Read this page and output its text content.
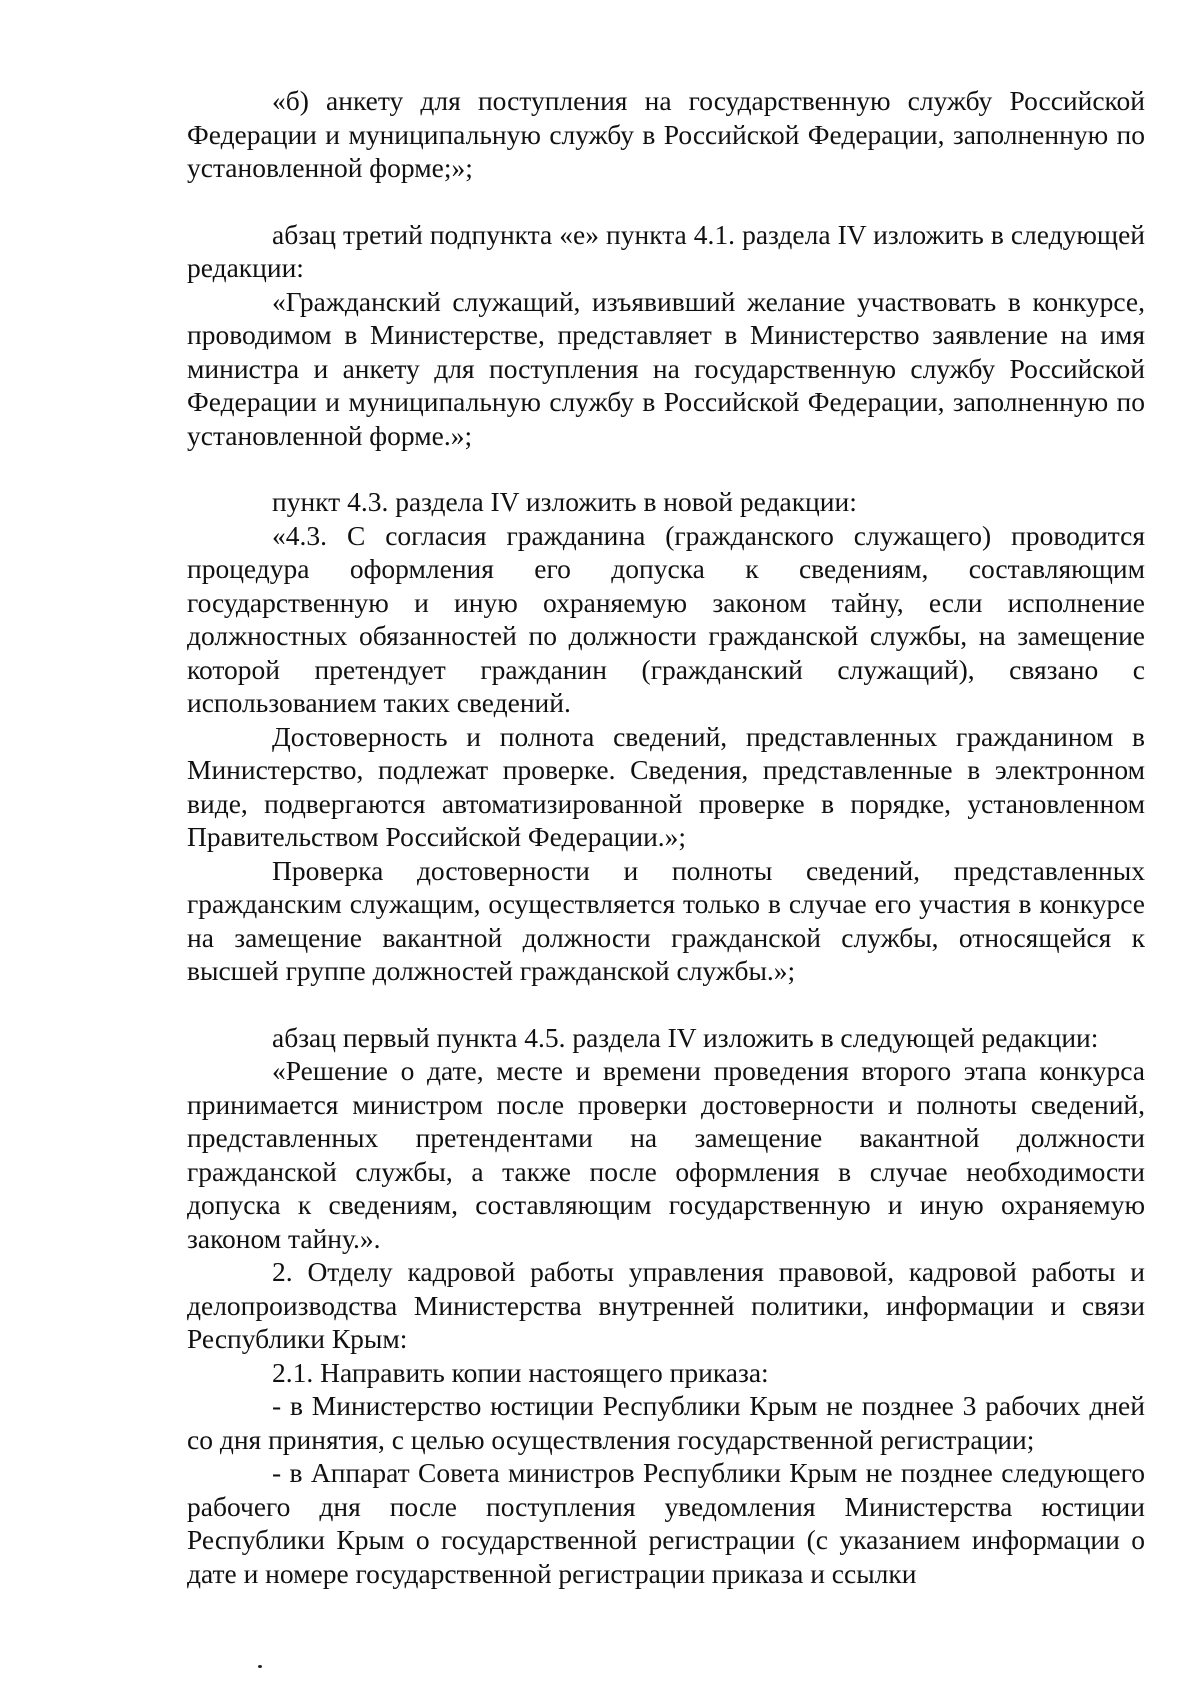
«б) анкету для поступления на государственную службу Российской Федерации и муниципальную службу в Российской Федерации, заполненную по установленной форме;»;

абзац третий подпункта «е» пункта 4.1. раздела IV изложить в следующей редакции:

«Гражданский служащий, изъявивший желание участвовать в конкурсе, проводимом в Министерстве, представляет в Министерство заявление на имя министра и анкету для поступления на государственную службу Российской Федерации и муниципальную службу в Российской Федерации, заполненную по установленной форме.»;

пункт 4.3. раздела IV изложить в новой редакции:

«4.3. С согласия гражданина (гражданского служащего) проводится процедура оформления его допуска к сведениям, составляющим государственную и иную охраняемую законом тайну, если исполнение должностных обязанностей по должности гражданской службы, на замещение которой претендует гражданин (гражданский служащий), связано с использованием таких сведений.

Достоверность и полнота сведений, представленных гражданином в Министерство, подлежат проверке. Сведения, представленные в электронном виде, подвергаются автоматизированной проверке в порядке, установленном Правительством Российской Федерации.»;

Проверка достоверности и полноты сведений, представленных гражданским служащим, осуществляется только в случае его участия в конкурсе на замещение вакантной должности гражданской службы, относящейся к высшей группе должностей гражданской службы.»;

абзац первый пункта 4.5. раздела IV изложить в следующей редакции:

«Решение о дате, месте и времени проведения второго этапа конкурса принимается министром после проверки достоверности и полноты сведений, представленных претендентами на замещение вакантной должности гражданской службы, а также после оформления в случае необходимости допуска к сведениям, составляющим государственную и иную охраняемую законом тайну.».

2. Отделу кадровой работы управления правовой, кадровой работы и делопроизводства Министерства внутренней политики, информации и связи Республики Крым:

2.1. Направить копии настоящего приказа:

- в Министерство юстиции Республики Крым не позднее 3 рабочих дней со дня принятия, с целью осуществления государственной регистрации;

- в Аппарат Совета министров Республики Крым не позднее следующего рабочего дня после поступления уведомления Министерства юстиции Республики Крым о государственной регистрации (с указанием информации о дате и номере государственной регистрации приказа и ссылки
